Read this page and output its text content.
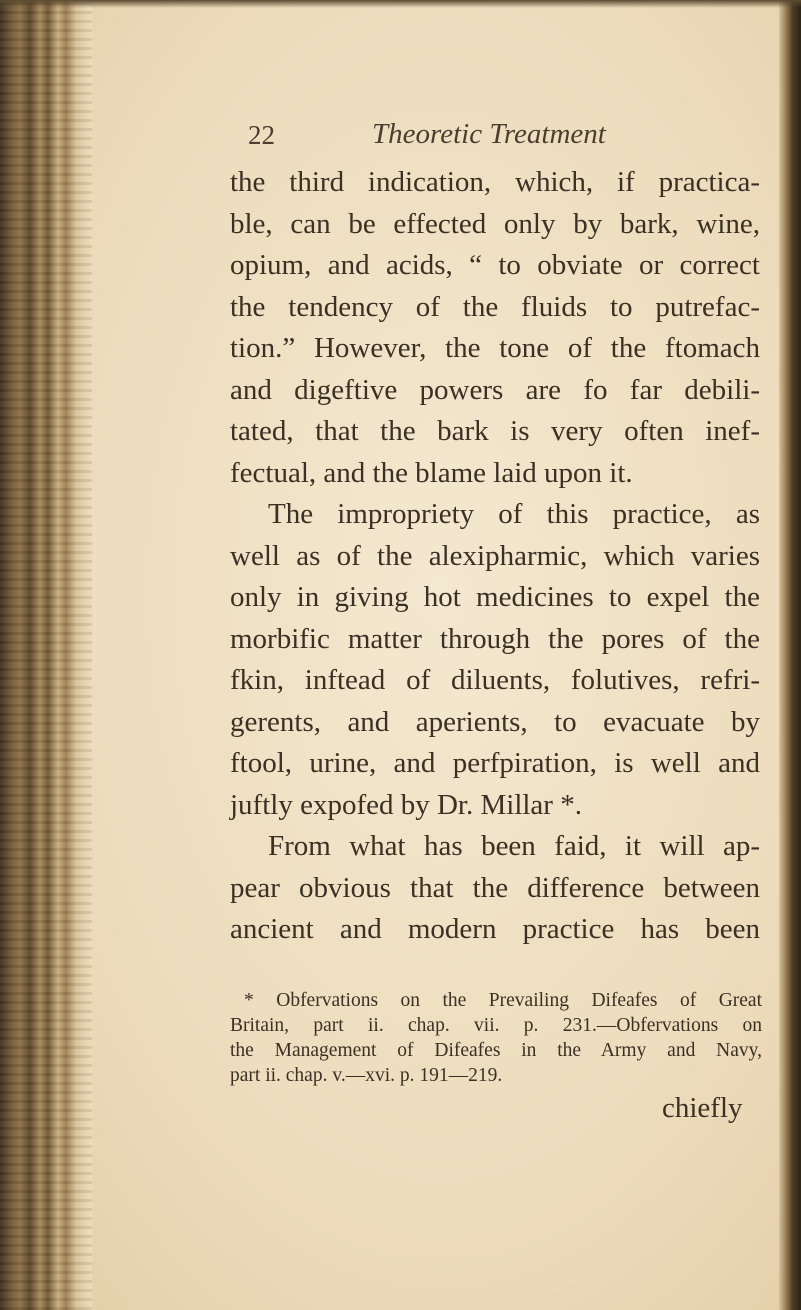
22	Theoretic Treatment
the third indication, which, if practica-
ble, can be effected only by bark, wine,
opium, and acids, “ to obviate or correct
the tendency of the fluids to putrefac-
tion.” However, the tone of the ftomach
and digeftive powers are fo far debili-
tated, that the bark is very often inef-
fectual, and the blame laid upon it.
The impropriety of this practice, as
well as of the alexipharmic, which varies
only in giving hot medicines to expel the
morbific matter through the pores of the
fkin, inftead of diluents, folutives, refri-
gerents, and aperients, to evacuate by
ftool, urine, and perfpiration, is well and
juftly expofed by Dr. Millar *.
From what has been faid, it will ap-
pear obvious that the difference between
ancient and modern practice has been
* Obfervations on the Prevailing Difeafes of Great
Britain, part ii. chap. vii. p. 231.—Obfervations on
the Management of Difeafes in the Army and Navy,
part ii. chap. v.—xvi. p. 191—219.
chiefly
